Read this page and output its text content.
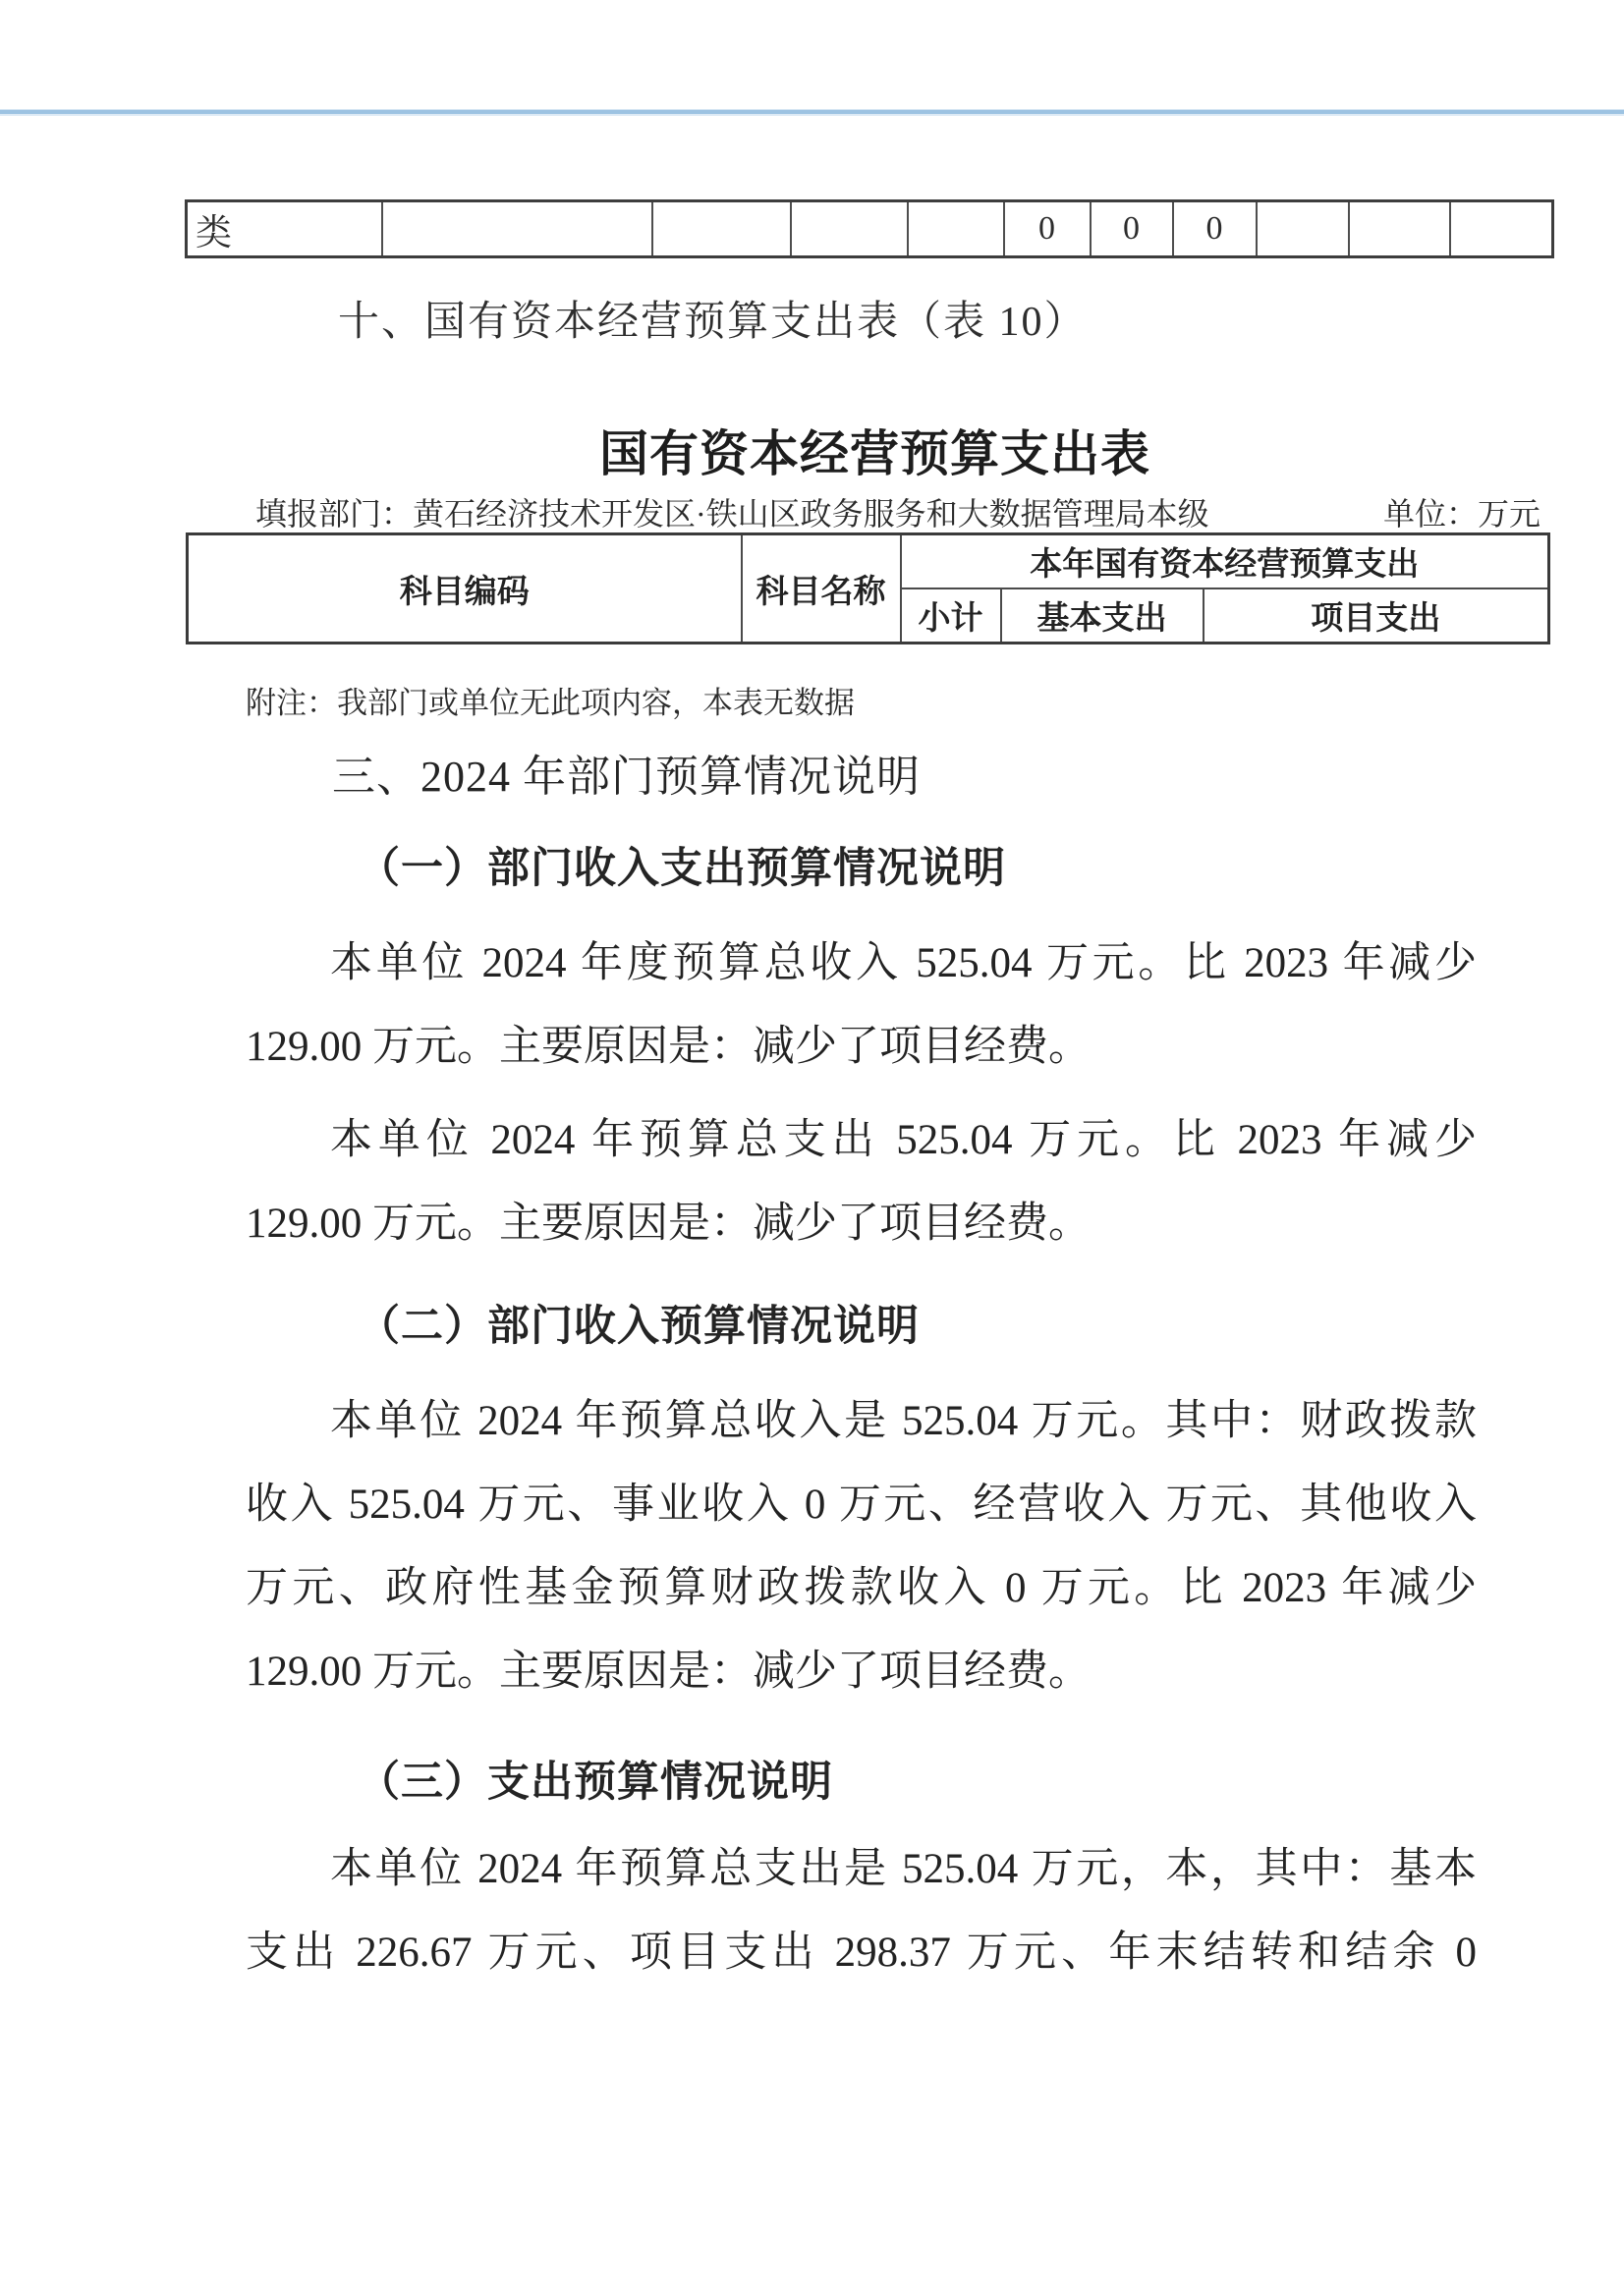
类					0	0	0			
十、国有资本经营预算支出表（表 10）
国有资本经营预算支出表
填报部门：黄石经济技术开发区·铁山区政务服务和大数据管理局本级	单位：万元
科目编码	科目名称	本年国有资本经营预算支出		
		小计	基本支出	项目支出
附注：我部门或单位无此项内容，本表无数据
三、2024 年部门预算情况说明
（一）部门收入支出预算情况说明
本单位 2024 年度预算总收入 525.04 万元。比 2023 年减少
129.00 万元。主要原因是：减少了项目经费。
本单位 2024 年预算总支出 525.04 万元。比 2023 年减少
129.00 万元。主要原因是：减少了项目经费。
（二）部门收入预算情况说明
本单位 2024 年预算总收入是 525.04 万元。其中：财政拨款
收入 525.04 万元、事业收入 0 万元、经营收入 万元、其他收入
万元、政府性基金预算财政拨款收入 0 万元。比 2023 年减少
129.00 万元。主要原因是：减少了项目经费。
（三）支出预算情况说明
本单位 2024 年预算总支出是 525.04 万元，本，其中：基本
支出 226.67 万元、项目支出 298.37 万元、年末结转和结余 0
